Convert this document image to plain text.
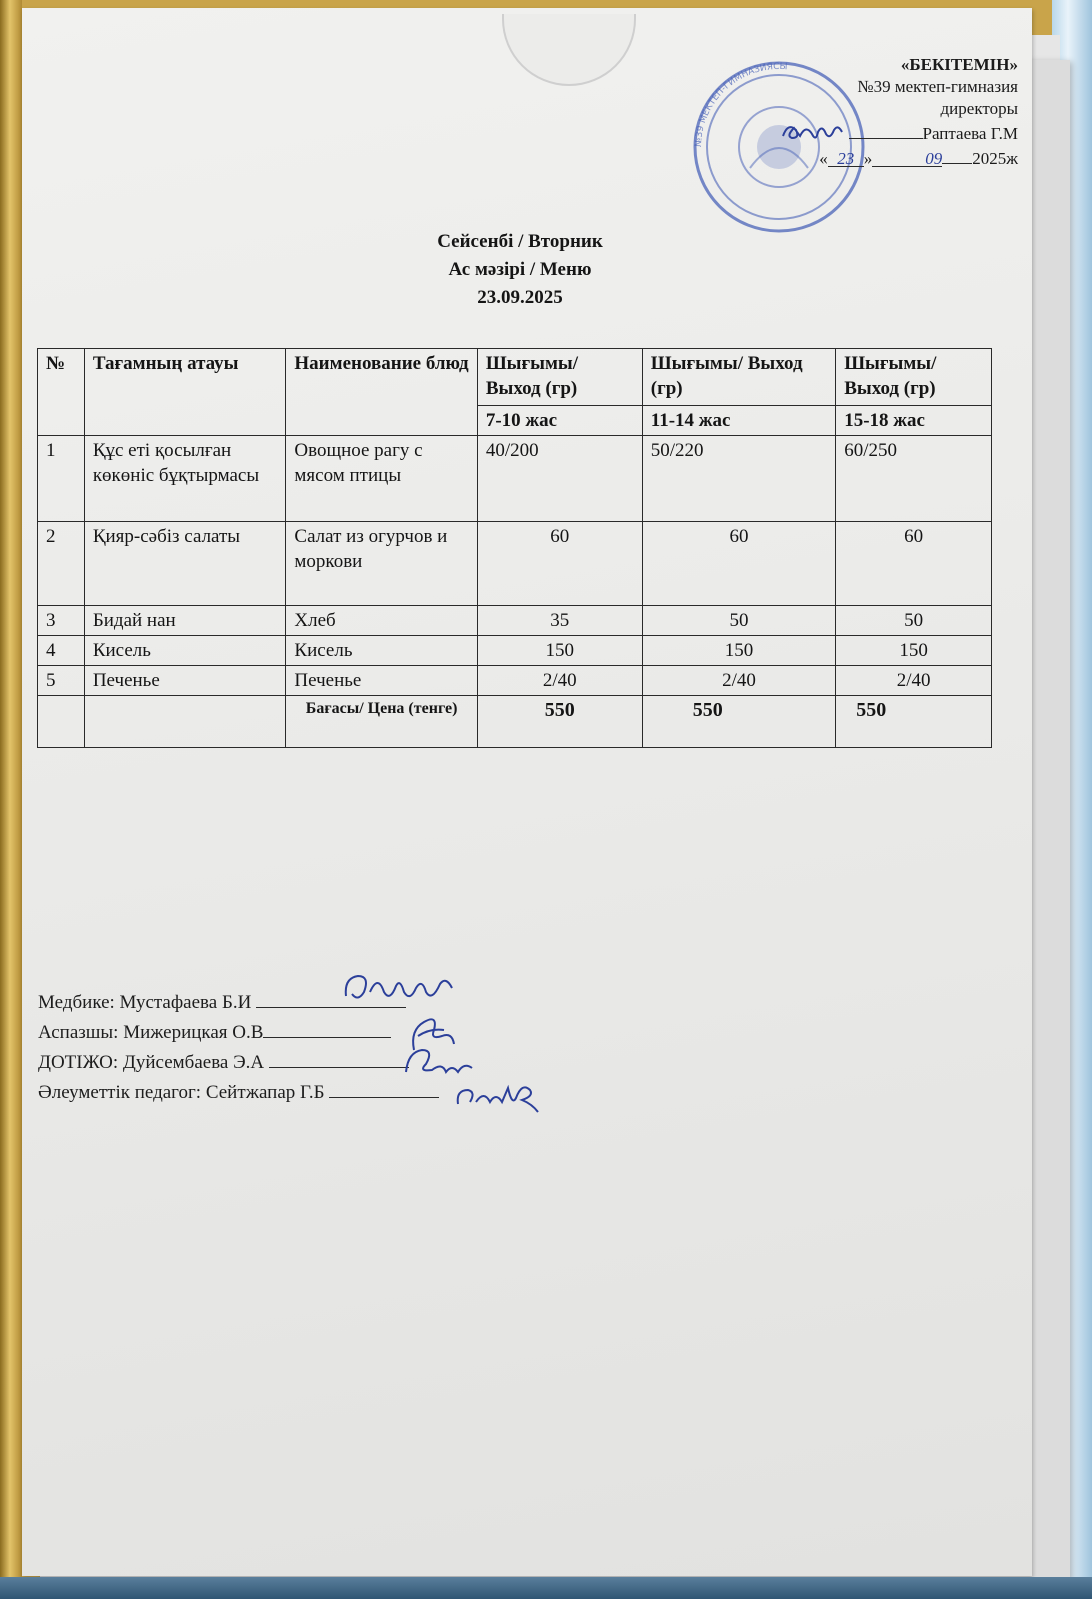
№39 МЕКТЕП-ГИМНАЗИЯСЫ	«БЕКІТЕМІН»
№39 мектеп-гимназия
директоры
Раптаева Г.М
« 23 »	09 2025ж
Сейсенбі / Вторник
Ас мәзірі / Меню
23.09.2025
№	Тағамның атауы	Наименование блюд	Шығымы/ Выход (гр)	Шығымы/ Выход (гр)	Шығымы/ Выход (гр)
			7-10 жас	11-14 жас	15-18 жас
1	Құс еті қосылған көкөніс бұқтырмасы	Овощное рагу с мясом птицы	40/200	50/220	60/250
2	Қияр-сәбіз салаты	Салат из огурчов и моркови	60	60	60
3	Бидай нан	Хлеб	35	50	50
4	Кисель	Кисель	150	150	150
5	Печенье	Печенье	2/40	2/40	2/40
		Бағасы/ Цена (тенге)	550	550	550
Медбике: Мустафаева Б.И
Аспазшы: Мижерицкая О.В
ДОТІЖО: Дуйсембаева Э.А
Әлеуметтік педагог: Сейтжапар Г.Б
